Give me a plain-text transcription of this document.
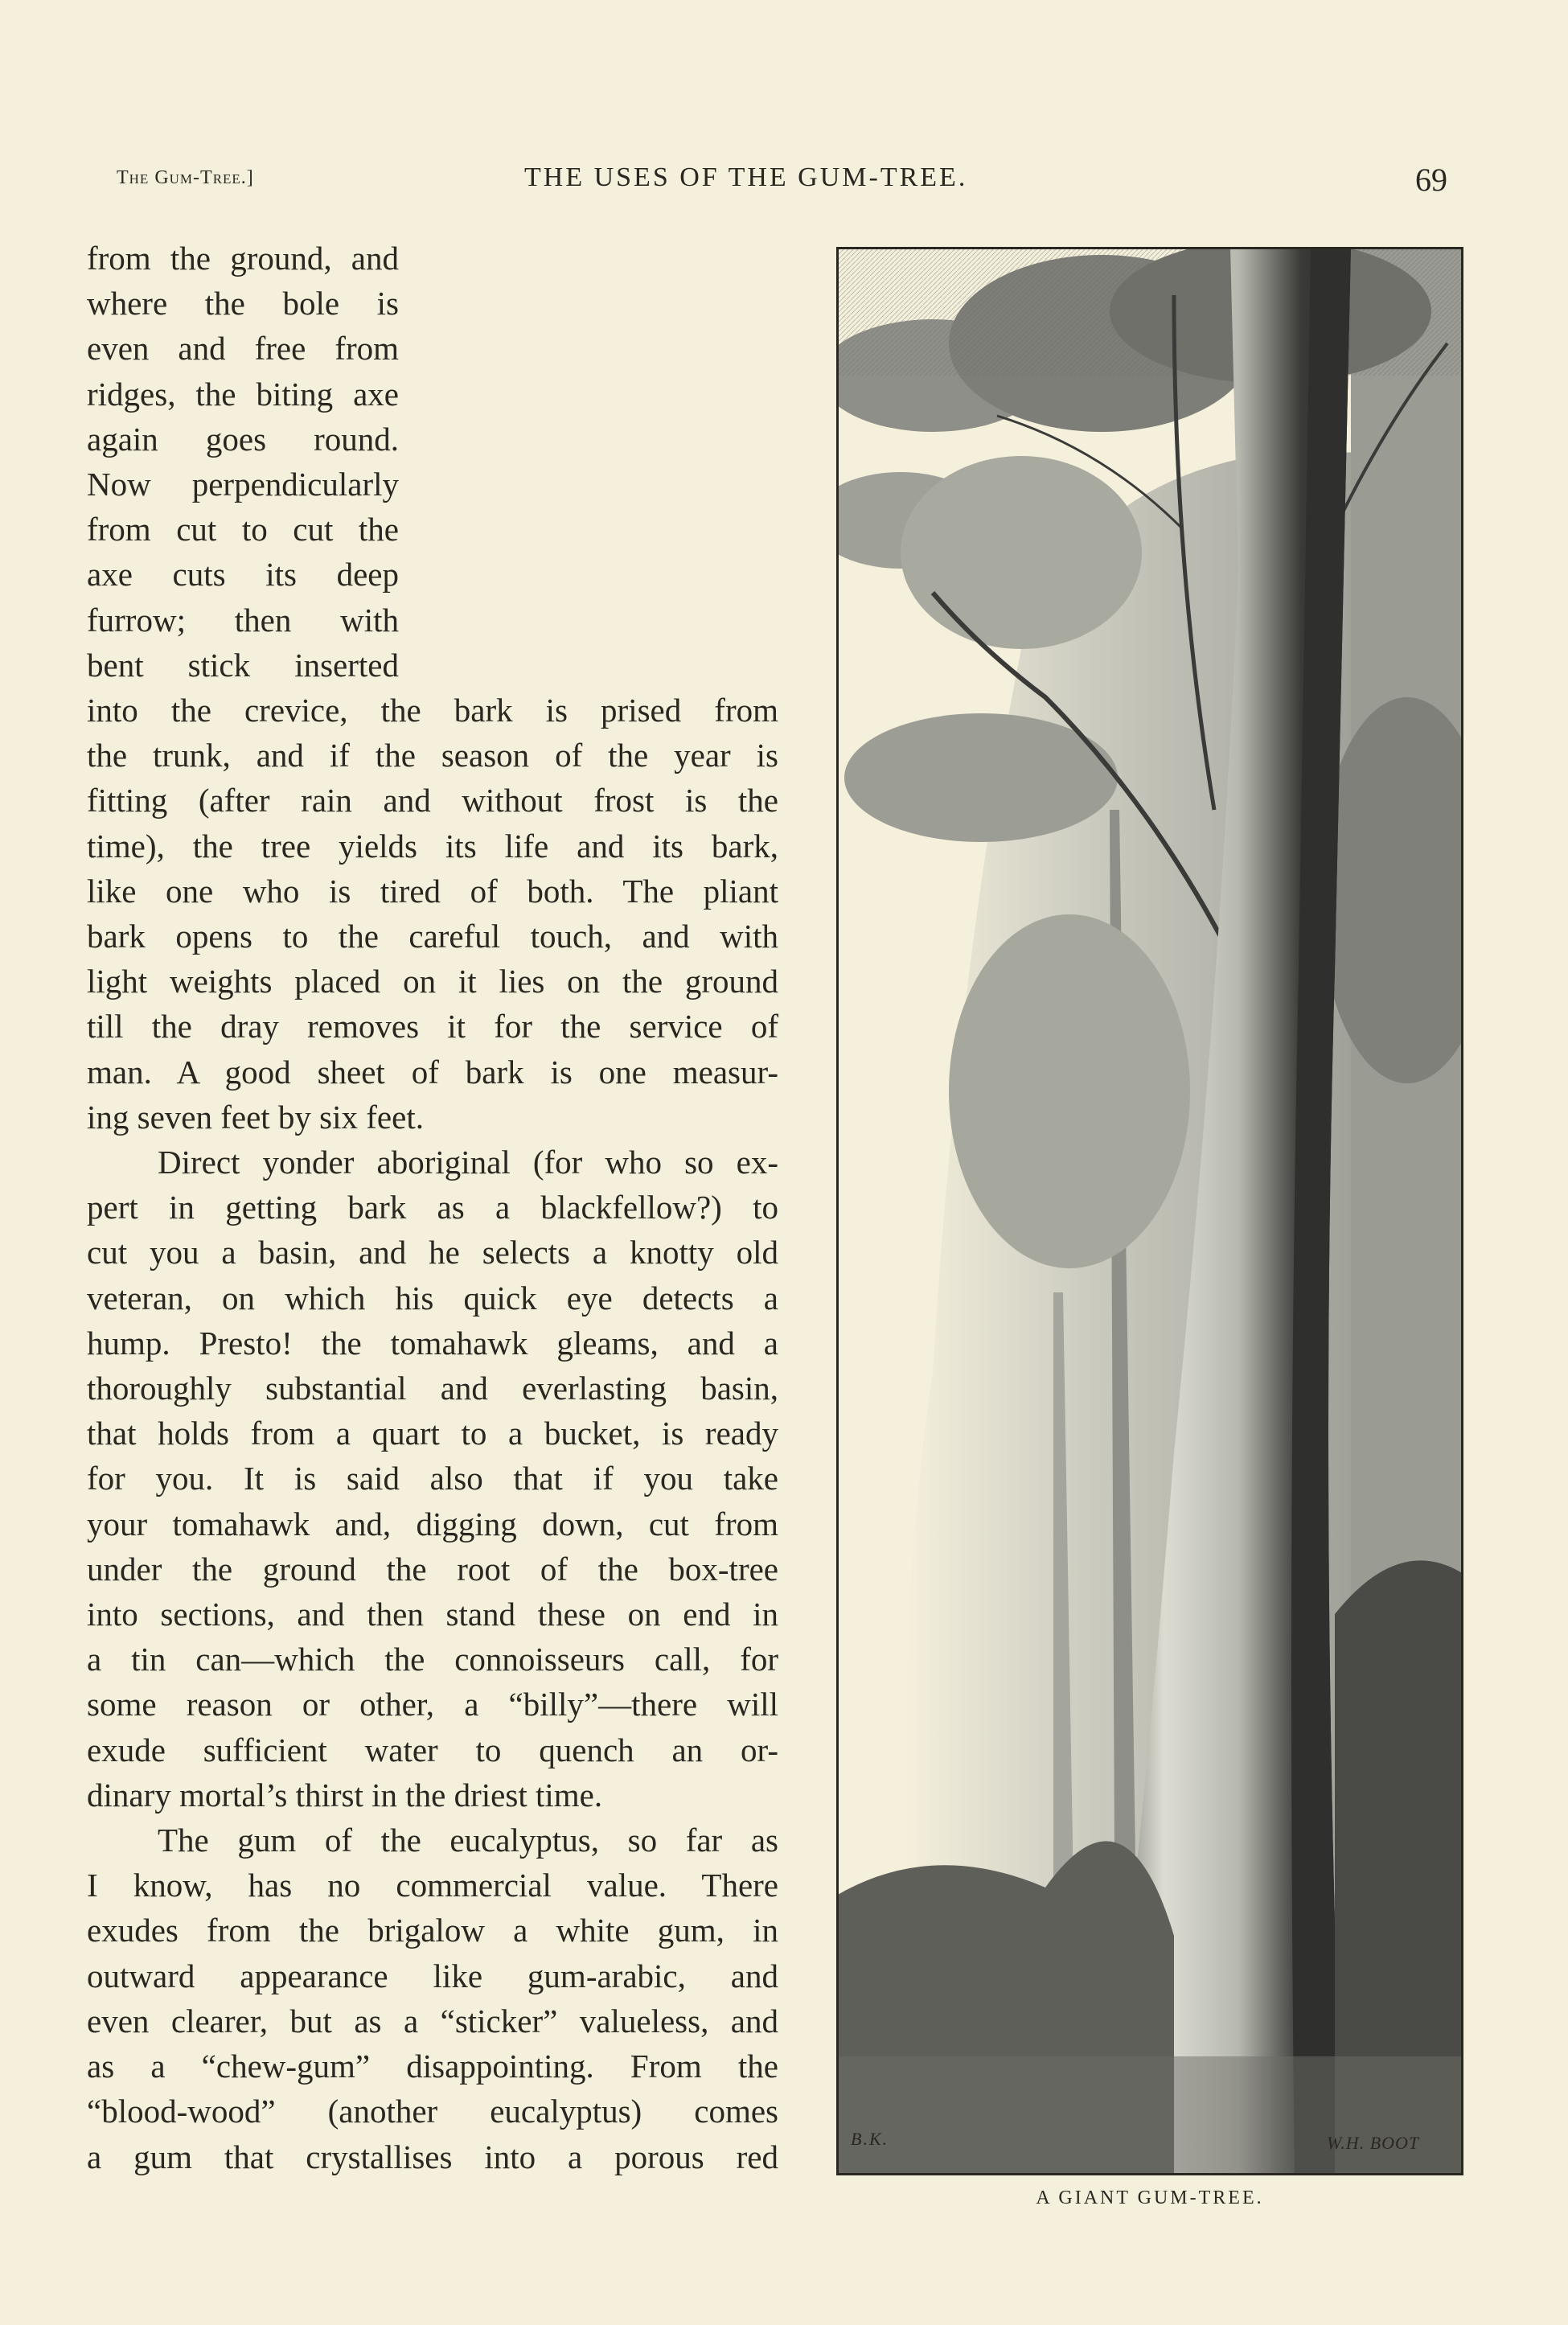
The Gum-Tree.]	THE USES OF THE GUM-TREE.	69
from the ground, and
where the bole is
even and free from
ridges, the biting axe
again goes round.
Now perpendicularly
from cut to cut the
axe cuts its deep
furrow; then with
bent stick inserted
into the crevice, the bark is prised from
the trunk, and if the season of the year is
fitting (after rain and without frost is the
time), the tree yields its life and its bark,
like one who is tired of both. The pliant
bark opens to the careful touch, and with
light weights placed on it lies on the ground
till the dray removes it for the service of
man. A good sheet of bark is one measur-
ing seven feet by six feet.
Direct yonder aboriginal (for who so ex-
pert in getting bark as a blackfellow?) to
cut you a basin, and he selects a knotty old
veteran, on which his quick eye detects a
hump. Presto! the tomahawk gleams, and a
thoroughly substantial and everlasting basin,
that holds from a quart to a bucket, is ready
for you. It is said also that if you take
your tomahawk and, digging down, cut from
under the ground the root of the box-tree
into sections, and then stand these on end in
a tin can—which the connoisseurs call, for
some reason or other, a “billy”—there will
exude sufficient water to quench an or-
dinary mortal’s thirst in the driest time.
The gum of the eucalyptus, so far as
I know, has no commercial value. There
exudes from the brigalow a white gum, in
outward appearance like gum-arabic, and
even clearer, but as a “sticker” valueless, and
as a “chew-gum” disappointing. From the
“blood-wood” (another eucalyptus) comes
a gum that crystallises into a porous red	B.K.	W.H. BOOT
A GIANT GUM-TREE.
